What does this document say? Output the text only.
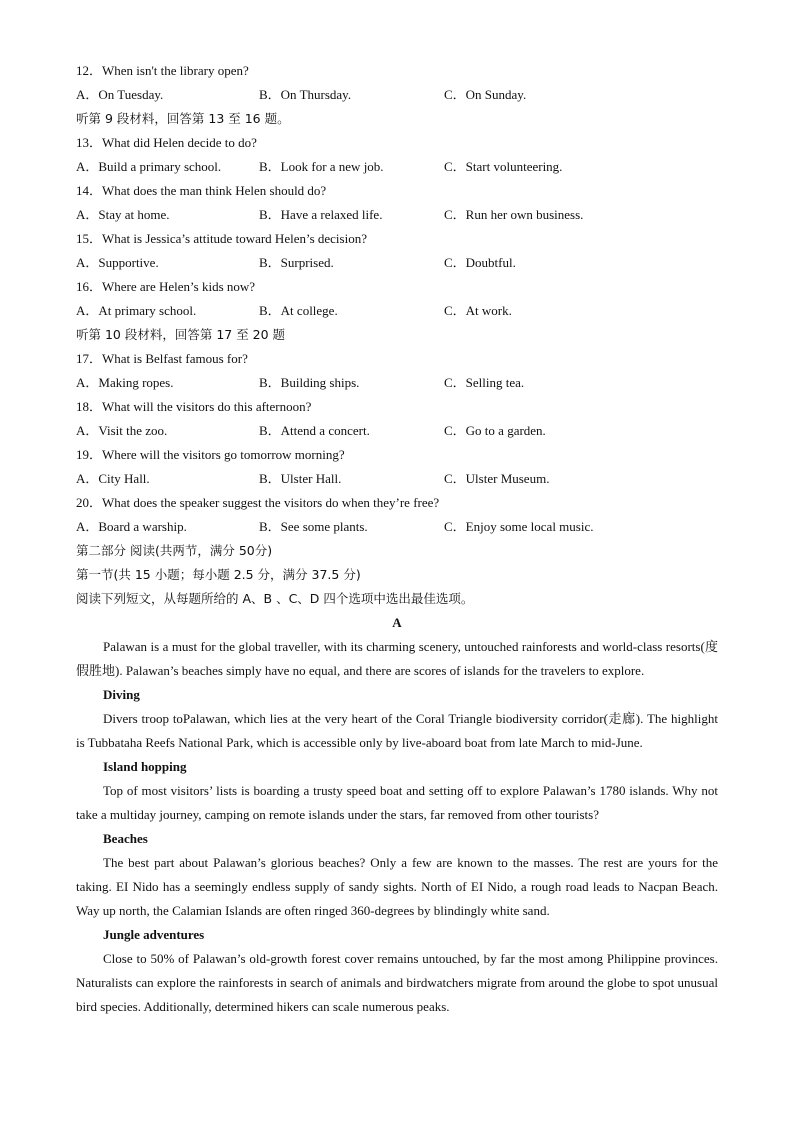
12．When isn't the library open?
A．On Tuesday.	B．On Thursday.	C．On Sunday.
听第 9 段材料，回答第 13 至 16 题。
13．What did Helen decide to do?
A．Build a primary school.	B．Look for a new job.	C．Start volunteering.
14．What does the man think Helen should do?
A．Stay at home.	B．Have a relaxed life.	C．Run her own business.
15．What is Jessica’s attitude toward Helen’s decision?
A．Supportive.	B．Surprised.	C．Doubtful.
16．Where are Helen’s kids now?
A．At primary school.	B．At college.	C．At work.
听第 10 段材料，回答第 17 至 20 题
17．What is Belfast famous for?
A．Making ropes.	B．Building ships.	C．Selling tea.
18．What will the visitors do this afternoon?
A．Visit the zoo.	B．Attend a concert.	C．Go to a garden.
19．Where will the visitors go tomorrow morning?
A．City Hall.	B．Ulster Hall.	C．Ulster Museum.
20．What does the speaker suggest the visitors do when they’re free?
A．Board a warship.	B．See some plants.	C．Enjoy some local music.
第二部分 阅读(共两节，满分 50分)
第一节(共 15 小题；每小题 2.5 分，满分 37.5 分)
阅读下列短文，从每题所给的 A、B 、C、D 四个选项中选出最佳选项。
A

Palawan is a must for the global traveller, with its charming scenery, untouched rainforests and world-class resorts(度假胜地). Palawan’s beaches simply have no equal, and there are scores of islands for the travelers to explore.

Diving

Divers troop toPalawan, which lies at the very heart of the Coral Triangle biodiversity corridor(走廊). The highlight is Tubbataha Reefs National Park, which is accessible only by live-aboard boat from late March to mid-June.

Island hopping

Top of most visitors’ lists is boarding a trusty speed boat and setting off to explore Palawan’s 1780 islands. Why not take a multiday journey, camping on remote islands under the stars, far removed from other tourists?

Beaches

The best part about Palawan’s glorious beaches? Only a few are known to the masses. The rest are yours for the taking. EI Nido has a seemingly endless supply of sandy sights. North of EI Nido, a rough road leads to Nacpan Beach. Way up north, the Calamian Islands are often ringed 360-degrees by blindingly white sand.

Jungle adventures

Close to 50% of Palawan’s old-growth forest cover remains untouched, by far the most among Philippine provinces. Naturalists can explore the rainforests in search of animals and birdwatchers migrate from around the globe to spot unusual bird species. Additionally, determined hikers can scale numerous peaks.
